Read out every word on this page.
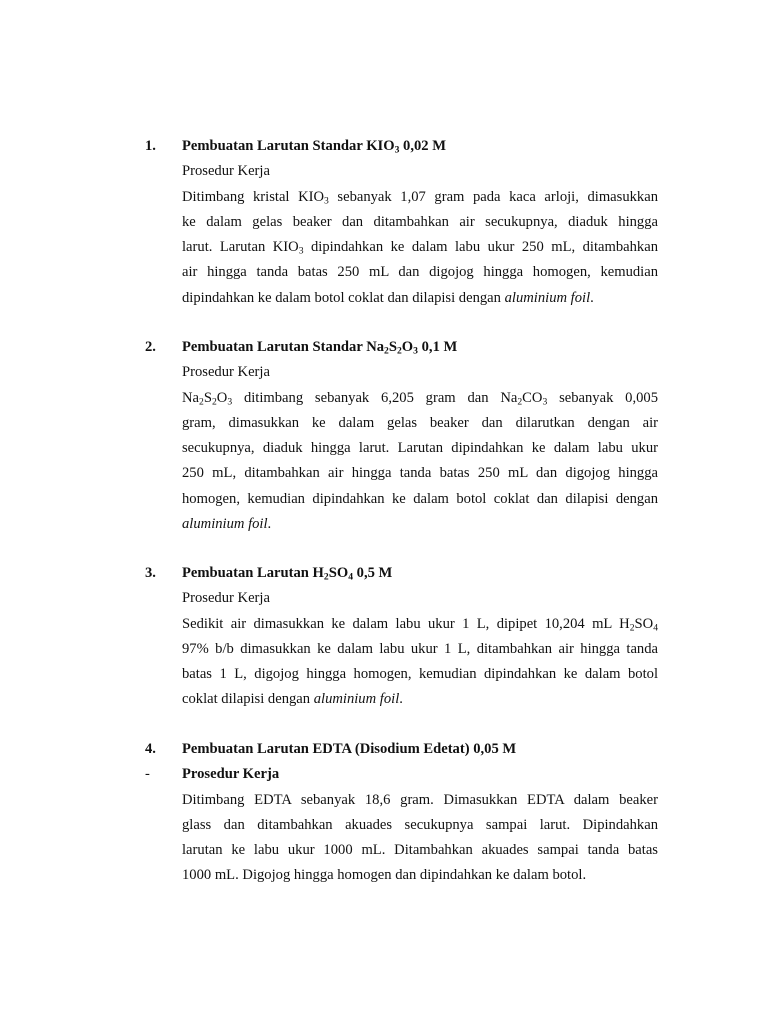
1. Pembuatan Larutan Standar $KIO_3$ 0,02 M
Prosedur Kerja
Ditimbang kristal $KIO_3$ sebanyak 1,07 gram pada kaca arloji, dimasukkan
ke dalam gelas beaker dan ditambahkan air secukupnya, diaduk hingga
larut. Larutan $KIO_3$ dipindahkan ke dalam labu ukur 250 mL, ditambahkan
air hingga tanda batas 250 mL dan digojog hingga homogen, kemudian
dipindahkan ke dalam botol coklat dan dilapisi dengan aluminium foil.
2. Pembuatan Larutan Standar $Na_2S_2O_3$ 0,1 M
Prosedur Kerja
$Na_2S_2O_3$ ditimbang sebanyak 6,205 gram dan $Na_2CO_3$ sebanyak 0,005
gram, dimasukkan ke dalam gelas beaker dan dilarutkan dengan air
secukupnya, diaduk hingga larut. Larutan dipindahkan ke dalam labu ukur
250 mL, ditambahkan air hingga tanda batas 250 mL dan digojog hingga
homogen, kemudian dipindahkan ke dalam botol coklat dan dilapisi dengan
aluminium foil.
3. Pembuatan Larutan $H_2SO_4$ 0,5 M
Prosedur Kerja
Sedikit air dimasukkan ke dalam labu ukur 1 L, dipipet 10,204 mL $H_2SO_4$
97% b/b dimasukkan ke dalam labu ukur 1 L, ditambahkan air hingga tanda
batas 1 L, digojog hingga homogen, kemudian dipindahkan ke dalam botol
coklat dilapisi dengan aluminium foil.
4.
-
Pembuatan Larutan EDTA (Disodium Edetat) 0,05 M
Prosedur Kerja
Ditimbang EDTA sebanyak 18,6 gram. Dimasukkan EDTA dalam beaker
glass dan ditambahkan akuades secukupnya sampai larut. Dipindahkan
larutan ke labu ukur 1000 mL. Ditambahkan akuades sampai tanda batas
1000 mL. Digojog hingga homogen dan dipindahkan ke dalam botol.
